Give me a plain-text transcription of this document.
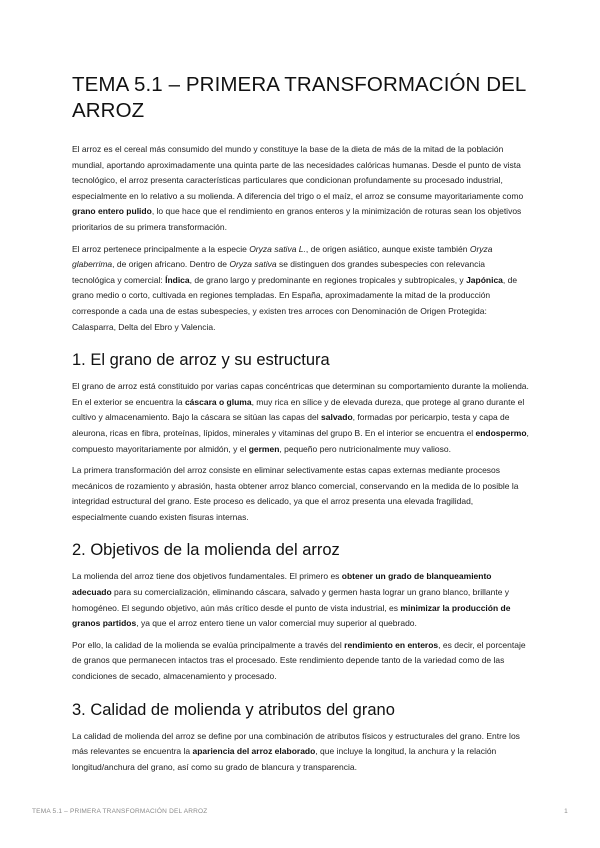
TEMA 5.1 – PRIMERA TRANSFORMACIÓN DEL ARROZ

El arroz es el cereal más consumido del mundo y constituye la base de la dieta de más de la mitad de la población mundial, aportando aproximadamente una quinta parte de las necesidades calóricas humanas. Desde el punto de vista tecnológico, el arroz presenta características particulares que condicionan profundamente su procesado industrial, especialmente en lo relativo a su molienda. A diferencia del trigo o el maíz, el arroz se consume mayoritariamente como grano entero pulido, lo que hace que el rendimiento en granos enteros y la minimización de roturas sean los objetivos prioritarios de su primera transformación.

El arroz pertenece principalmente a la especie Oryza sativa L., de origen asiático, aunque existe también Oryza glaberrima, de origen africano. Dentro de Oryza sativa se distinguen dos grandes subespecies con relevancia tecnológica y comercial: Índica, de grano largo y predominante en regiones tropicales y subtropicales, y Japónica, de grano medio o corto, cultivada en regiones templadas. En España, aproximadamente la mitad de la producción corresponde a cada una de estas subespecies, y existen tres arroces con Denominación de Origen Protegida: Calasparra, Delta del Ebro y Valencia.

1. El grano de arroz y su estructura

El grano de arroz está constituido por varias capas concéntricas que determinan su comportamiento durante la molienda. En el exterior se encuentra la cáscara o gluma, muy rica en sílice y de elevada dureza, que protege al grano durante el cultivo y almacenamiento. Bajo la cáscara se sitúan las capas del salvado, formadas por pericarpio, testa y capa de aleurona, ricas en fibra, proteínas, lípidos, minerales y vitaminas del grupo B. En el interior se encuentra el endospermo, compuesto mayoritariamente por almidón, y el germen, pequeño pero nutricionalmente muy valioso.

La primera transformación del arroz consiste en eliminar selectivamente estas capas externas mediante procesos mecánicos de rozamiento y abrasión, hasta obtener arroz blanco comercial, conservando en la medida de lo posible la integridad estructural del grano. Este proceso es delicado, ya que el arroz presenta una elevada fragilidad, especialmente cuando existen fisuras internas.

2. Objetivos de la molienda del arroz

La molienda del arroz tiene dos objetivos fundamentales. El primero es obtener un grado de blanqueamiento adecuado para su comercialización, eliminando cáscara, salvado y germen hasta lograr un grano blanco, brillante y homogéneo. El segundo objetivo, aún más crítico desde el punto de vista industrial, es minimizar la producción de granos partidos, ya que el arroz entero tiene un valor comercial muy superior al quebrado.

Por ello, la calidad de la molienda se evalúa principalmente a través del rendimiento en enteros, es decir, el porcentaje de granos que permanecen intactos tras el procesado. Este rendimiento depende tanto de la variedad como de las condiciones de secado, almacenamiento y procesado.

3. Calidad de molienda y atributos del grano

La calidad de molienda del arroz se define por una combinación de atributos físicos y estructurales del grano. Entre los más relevantes se encuentra la apariencia del arroz elaborado, que incluye la longitud, la anchura y la relación longitud/anchura del grano, así como su grado de blancura y transparencia.

TEMA 5.1 – PRIMERA TRANSFORMACIÓN DEL ARROZ	1
